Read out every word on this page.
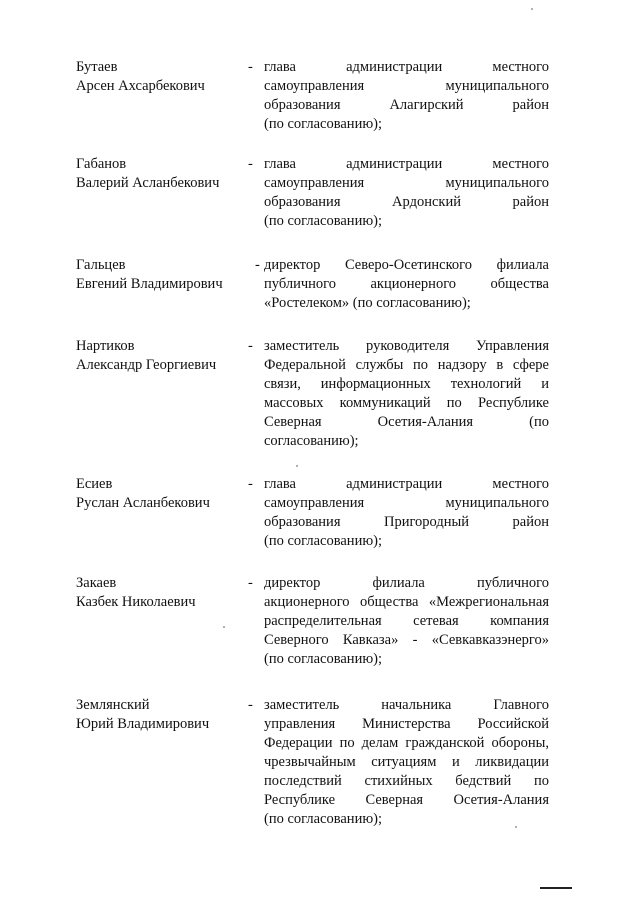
Бутаев
Арсен Ахсарбекович
- глава администрации местного
самоуправления муниципального
образования Алагирский район
(по согласованию);
Габанов
Валерий Асланбекович
- глава администрации местного
самоуправления муниципального
образования Ардонский район
(по согласованию);
Гальцев
Евгений Владимирович
- директор Северо-Осетинского филиала
публичного акционерного общества
«Ростелеком» (по согласованию);
Нартиков
Александр Георгиевич
- заместитель руководителя Управления
Федеральной службы по надзору в сфере
связи, информационных технологий и
массовых коммуникаций по Республике
Северная Осетия-Алания (по
согласованию);
Есиев
Руслан Асланбекович
- глава администрации местного
самоуправления муниципального
образования Пригородный район
(по согласованию);
Закаев
Казбек Николаевич
- директор филиала публичного
акционерного общества «Межрегиональная
распределительная сетевая компания
Северного Кавказа» - «Севкавказэнерго»
(по согласованию);
Землянский
Юрий Владимирович
- заместитель начальника Главного
управления Министерства Российской
Федерации по делам гражданской обороны,
чрезвычайным ситуациям и ликвидации
последствий стихийных бедствий по
Республике Северная Осетия-Алания
(по согласованию);
